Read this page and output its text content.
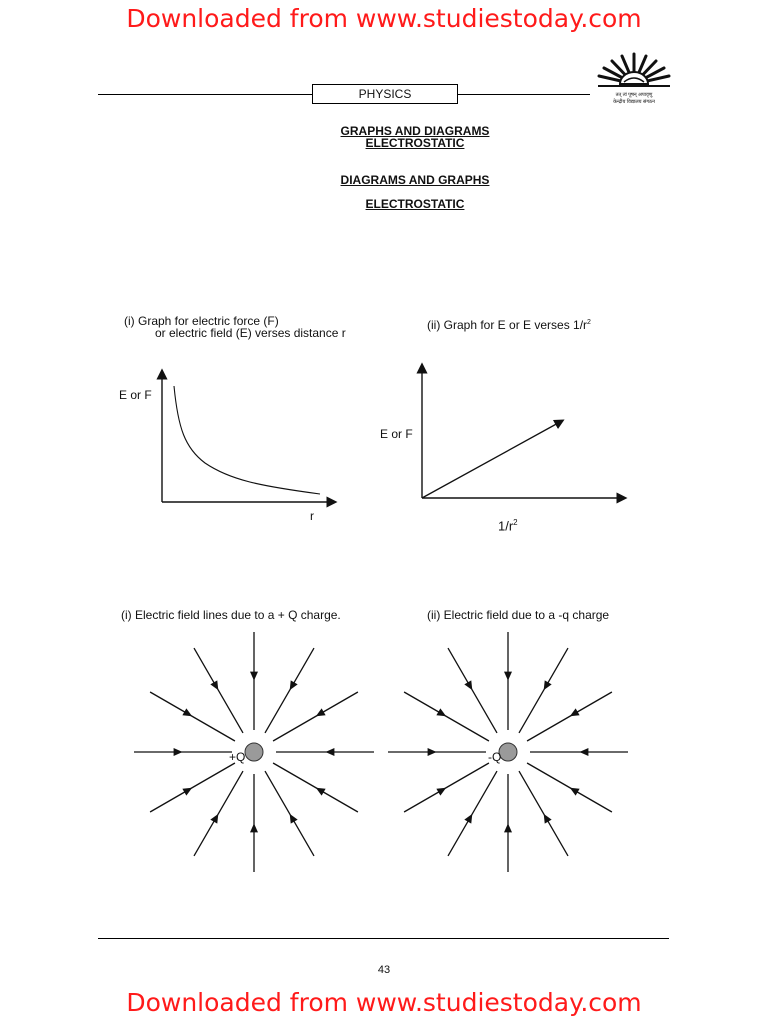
Downloaded from www.studiestoday.com
PHYSICS	तत् त्वं पूषन् अपावृणु
केन्द्रीय विद्यालय संगठन
GRAPHS AND DIAGRAMS
ELECTROSTATIC
DIAGRAMS AND GRAPHS
ELECTROSTATIC
(i) Graph for electric force (F)
or electric field (E) verses distance r
(ii) Graph for E or E verses $1/r^2$
E or F
r
E or F
$1/r^2$
(i) Electric field lines due to a + Q charge.	(ii) Electric field due to a -q charge
+Q	-Q
43
Downloaded from www.studiestoday.com
